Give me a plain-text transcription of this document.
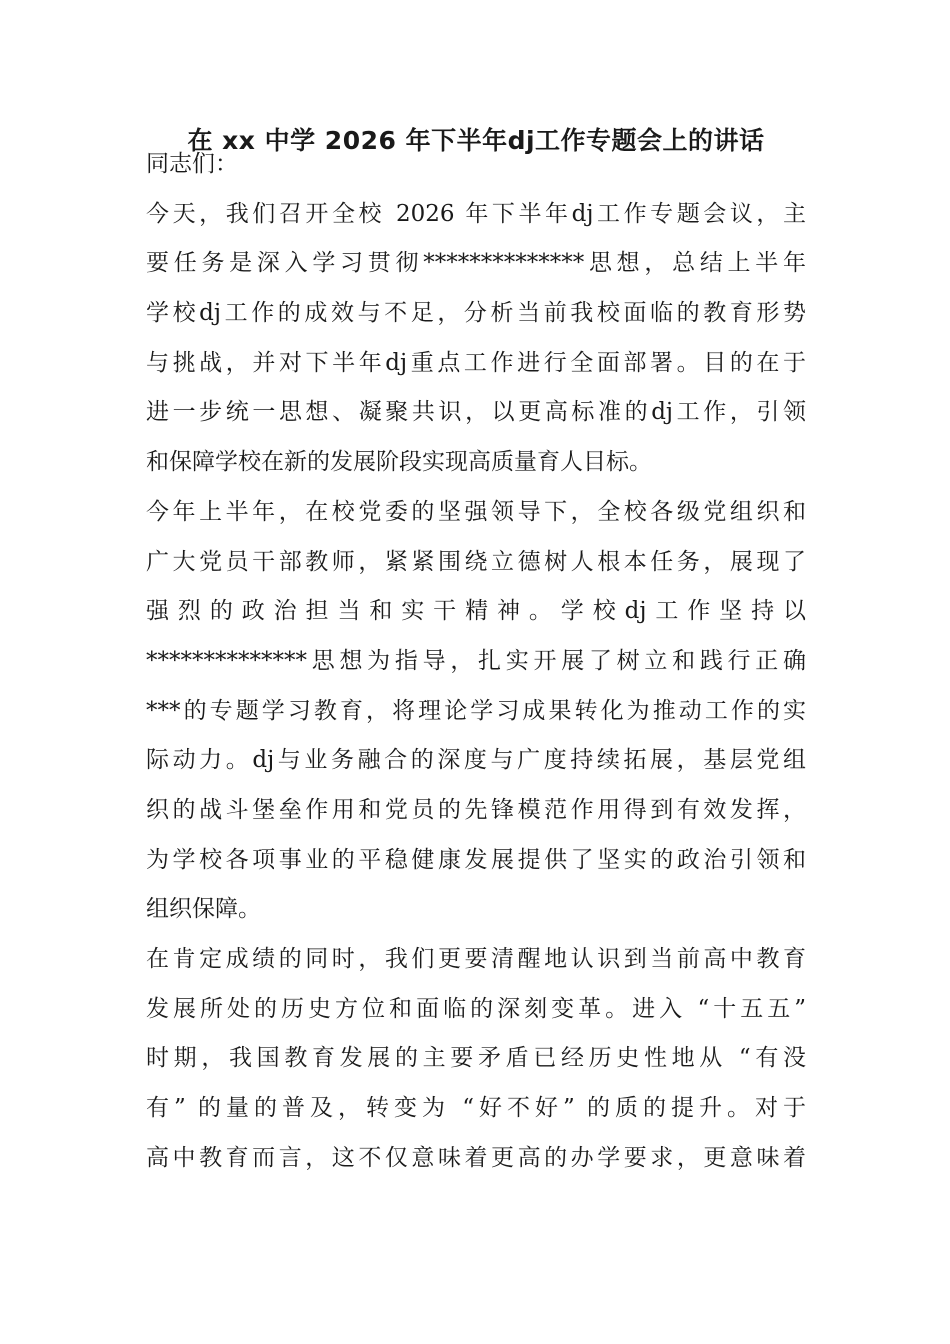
在 xx 中学 2026 年下半年dj工作专题会上的讲话
同志们：
今天，我们召开全校 2026 年下半年dj工作专题会议，主
要任务是深入学习贯彻**************思想，总结上半年
学校dj工作的成效与不足，分析当前我校面临的教育形势
与挑战，并对下半年dj重点工作进行全面部署。目的在于
进一步统一思想、凝聚共识，以更高标准的dj工作，引领
和保障学校在新的发展阶段实现高质量育人目标。
今年上半年，在校党委的坚强领导下，全校各级党组织和
广大党员干部教师，紧紧围绕立德树人根本任务，展现了
强烈的政治担当和实干精神。学校dj工作坚持以
**************思想为指导，扎实开展了树立和践行正确
***的专题学习教育，将理论学习成果转化为推动工作的实
际动力。dj与业务融合的深度与广度持续拓展，基层党组
织的战斗堡垒作用和党员的先锋模范作用得到有效发挥，
为学校各项事业的平稳健康发展提供了坚实的政治引领和
组织保障。
在肯定成绩的同时，我们更要清醒地认识到当前高中教育
发展所处的历史方位和面临的深刻变革。进入 “十五五”
时期，我国教育发展的主要矛盾已经历史性地从 “有没
有” 的量的普及，转变为 “好不好” 的质的提升。对于
高中教育而言，这不仅意味着更高的办学要求，更意味着
